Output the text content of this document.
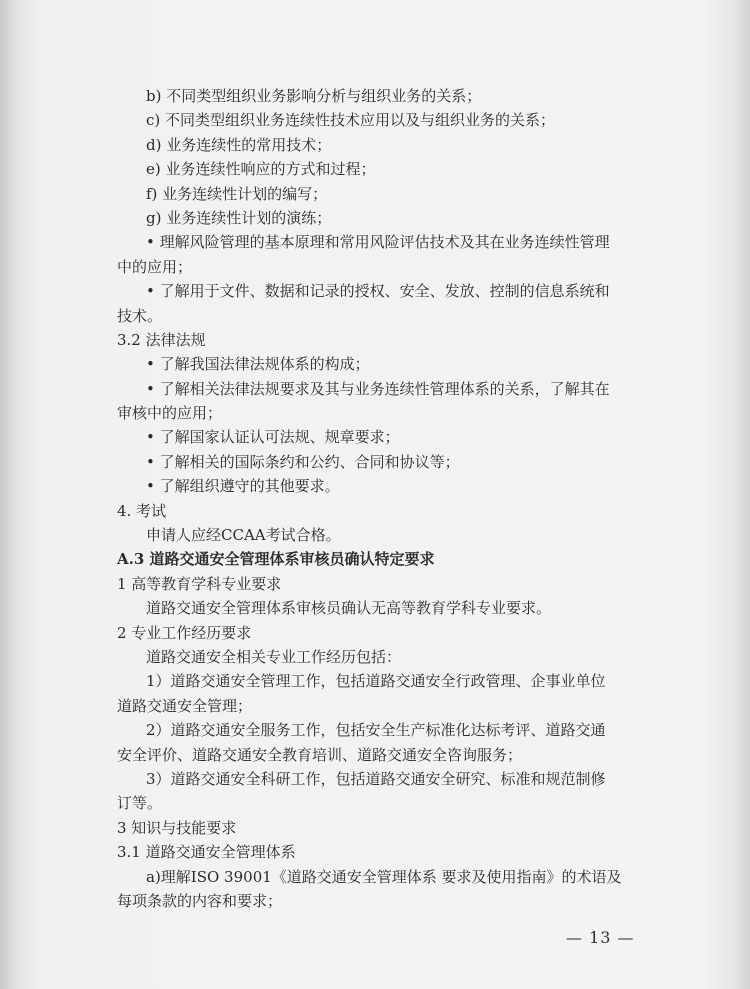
b) 不同类型组织业务影响分析与组织业务的关系；
c) 不同类型组织业务连续性技术应用以及与组织业务的关系；
d) 业务连续性的常用技术；
e) 业务连续性响应的方式和过程；
f) 业务连续性计划的编写；
g) 业务连续性计划的演练；
• 理解风险管理的基本原理和常用风险评估技术及其在业务连续性管理
中的应用；
• 了解用于文件、数据和记录的授权、安全、发放、控制的信息系统和
技术。
3.2 法律法规
• 了解我国法律法规体系的构成；
• 了解相关法律法规要求及其与业务连续性管理体系的关系，了解其在
审核中的应用；
• 了解国家认证认可法规、规章要求；
• 了解相关的国际条约和公约、合同和协议等；
• 了解组织遵守的其他要求。
4. 考试
申请人应经CCAA考试合格。
A.3 道路交通安全管理体系审核员确认特定要求
1 高等教育学科专业要求
道路交通安全管理体系审核员确认无高等教育学科专业要求。
2 专业工作经历要求
道路交通安全相关专业工作经历包括：
1）道路交通安全管理工作，包括道路交通安全行政管理、企事业单位
道路交通安全管理；
2）道路交通安全服务工作，包括安全生产标准化达标考评、道路交通
安全评价、道路交通安全教育培训、道路交通安全咨询服务；
3）道路交通安全科研工作，包括道路交通安全研究、标准和规范制修
订等。
3 知识与技能要求
3.1 道路交通安全管理体系
a)理解ISO 39001《道路交通安全管理体系 要求及使用指南》的术语及
每项条款的内容和要求；
— 13 —
